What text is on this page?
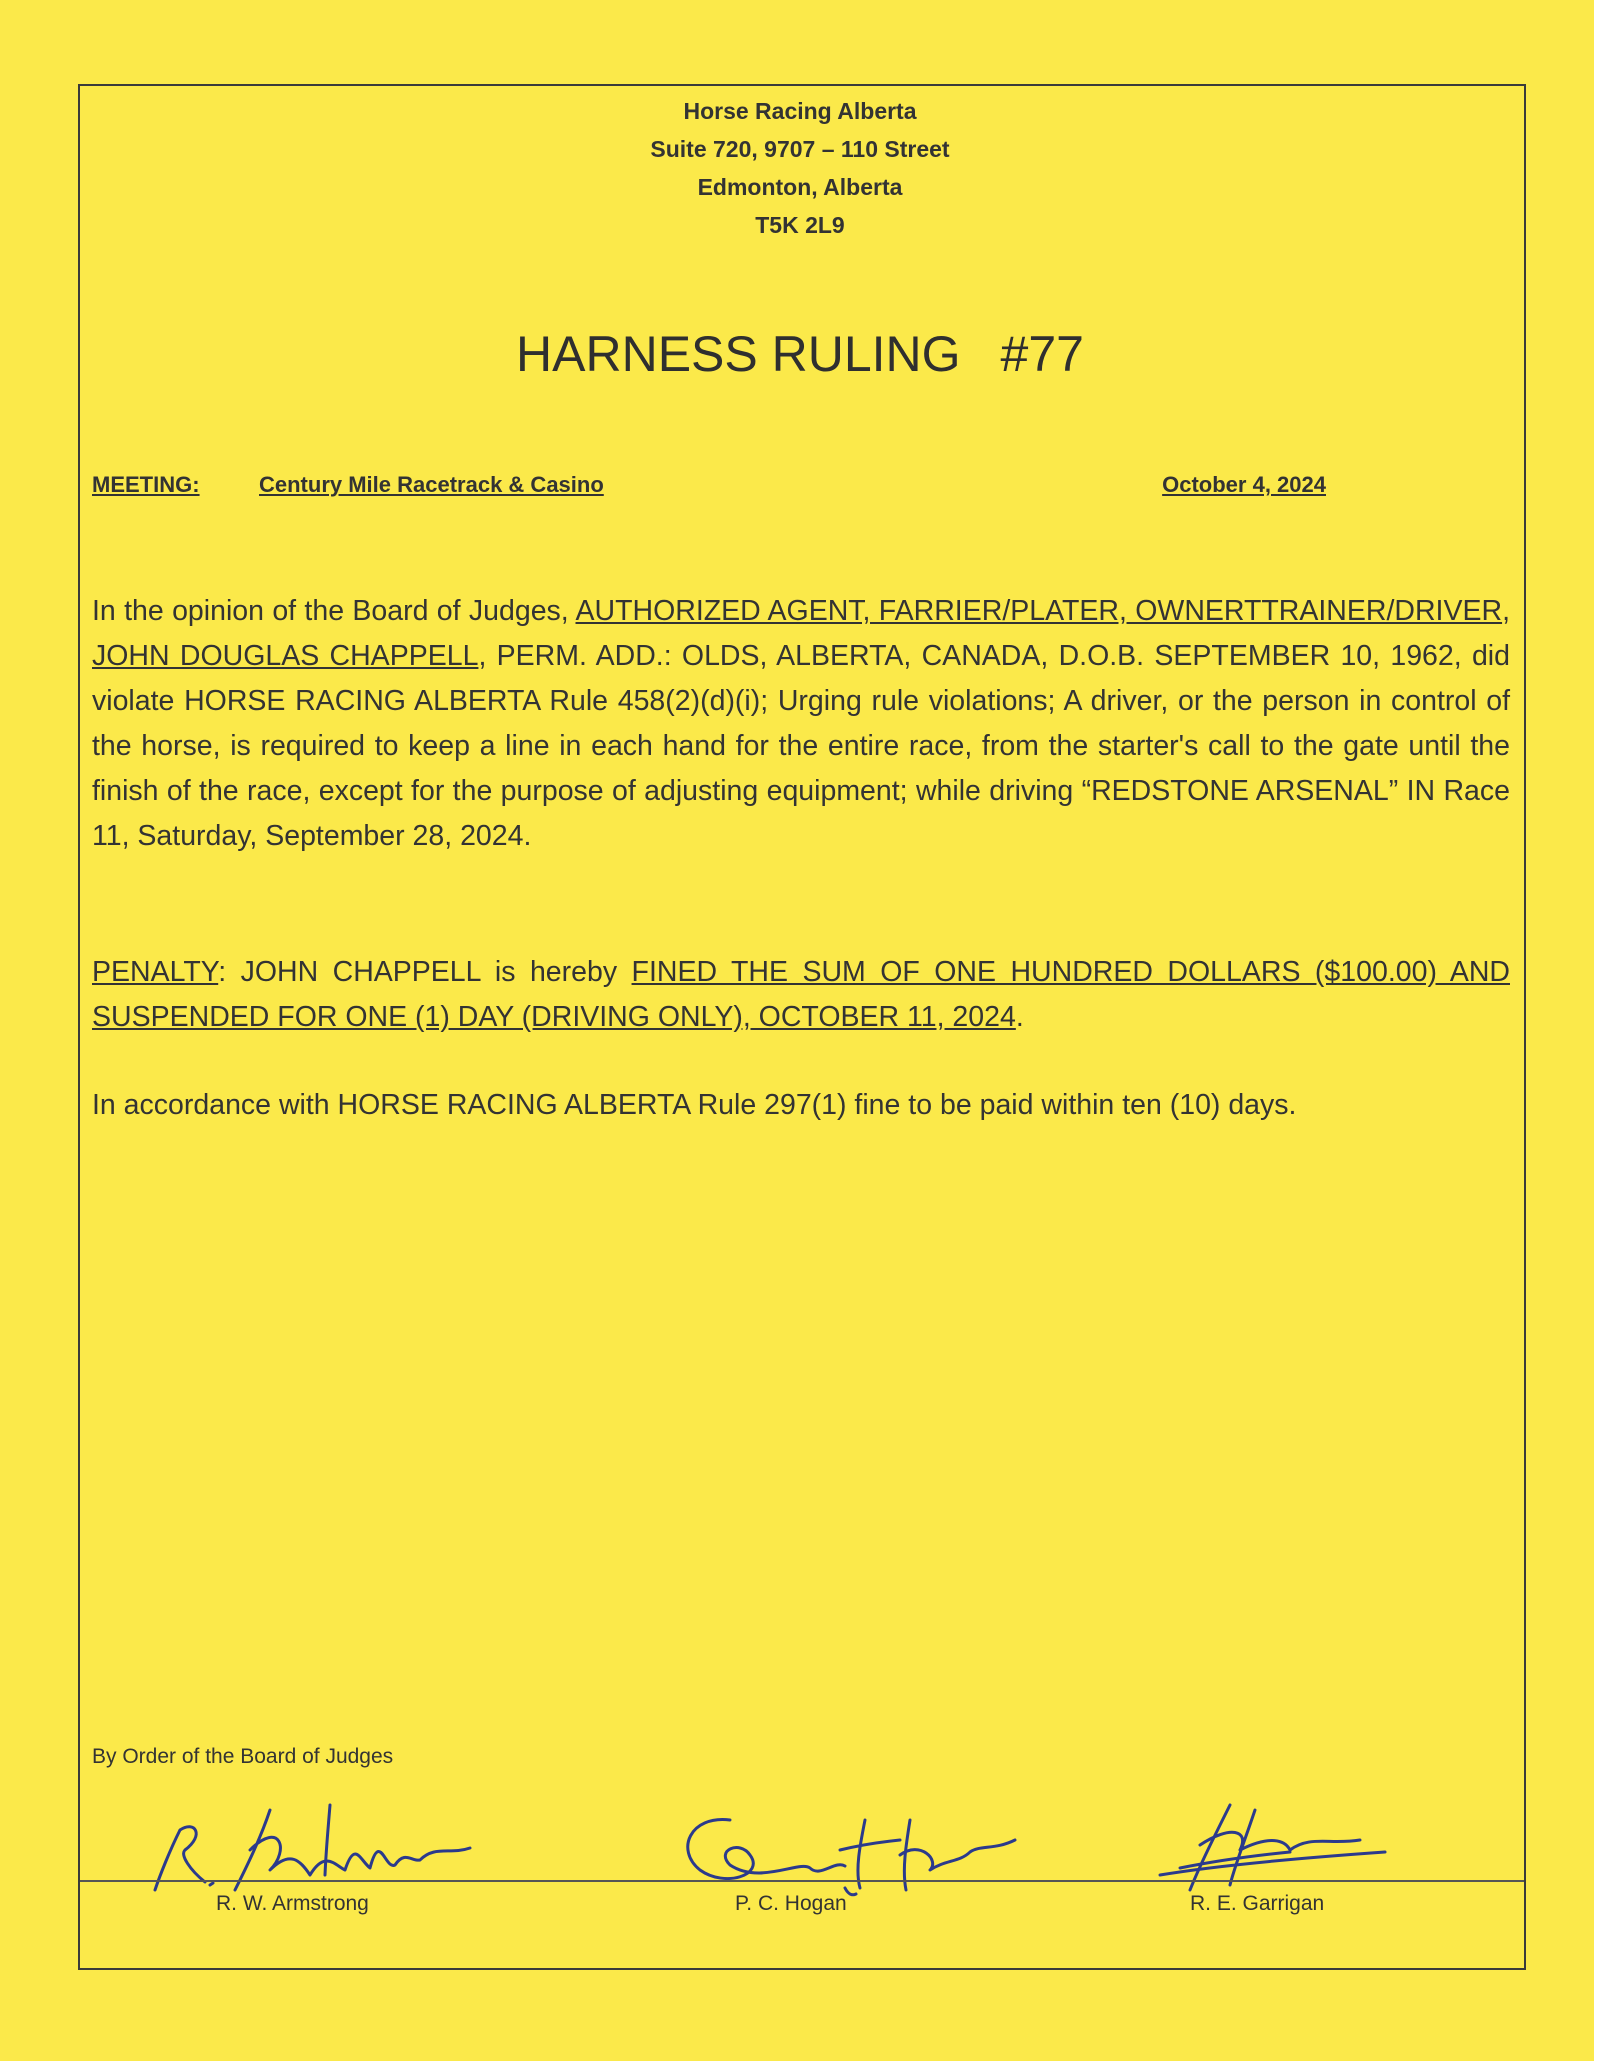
Horse Racing Alberta
Suite 720, 9707 – 110 Street
Edmonton, Alberta
T5K 2L9
HARNESS RULING #77
MEETING:	Century Mile Racetrack & Casino	October 4, 2024
In the opinion of the Board of Judges, AUTHORIZED AGENT, FARRIER/PLATER, OWNERTTRAINER/DRIVER, JOHN DOUGLAS CHAPPELL, PERM. ADD.: OLDS, ALBERTA, CANADA, D.O.B. SEPTEMBER 10, 1962, did violate HORSE RACING ALBERTA Rule 458(2)(d)(i); Urging rule violations; A driver, or the person in control of the horse, is required to keep a line in each hand for the entire race, from the starter's call to the gate until the finish of the race, except for the purpose of adjusting equipment; while driving “REDSTONE ARSENAL” IN Race 11, Saturday, September 28, 2024.
PENALTY: JOHN CHAPPELL is hereby FINED THE SUM OF ONE HUNDRED DOLLARS ($100.00) AND SUSPENDED FOR ONE (1) DAY (DRIVING ONLY), OCTOBER 11, 2024.
In accordance with HORSE RACING ALBERTA Rule 297(1) fine to be paid within ten (10) days.
By Order of the Board of Judges
R. W. Armstrong	P. C. Hogan	R. E. Garrigan
